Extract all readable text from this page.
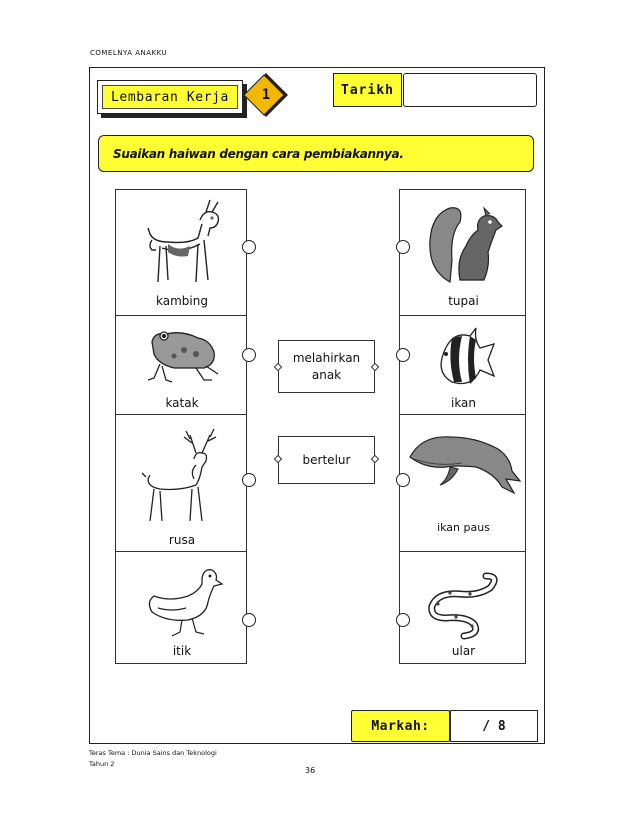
COMELNYA ANAKKU
Lembaran Kerja	1	Tarikh
Suaikan haiwan dengan cara pembiakannya.
kambing
katak
rusa
itik
tupai
ikan
ikan paus
ular
melahirkan anak
bertelur
Markah:	/ 8
Teras Tema : Dunia Sains dan Teknologi
Tahun 2
36
